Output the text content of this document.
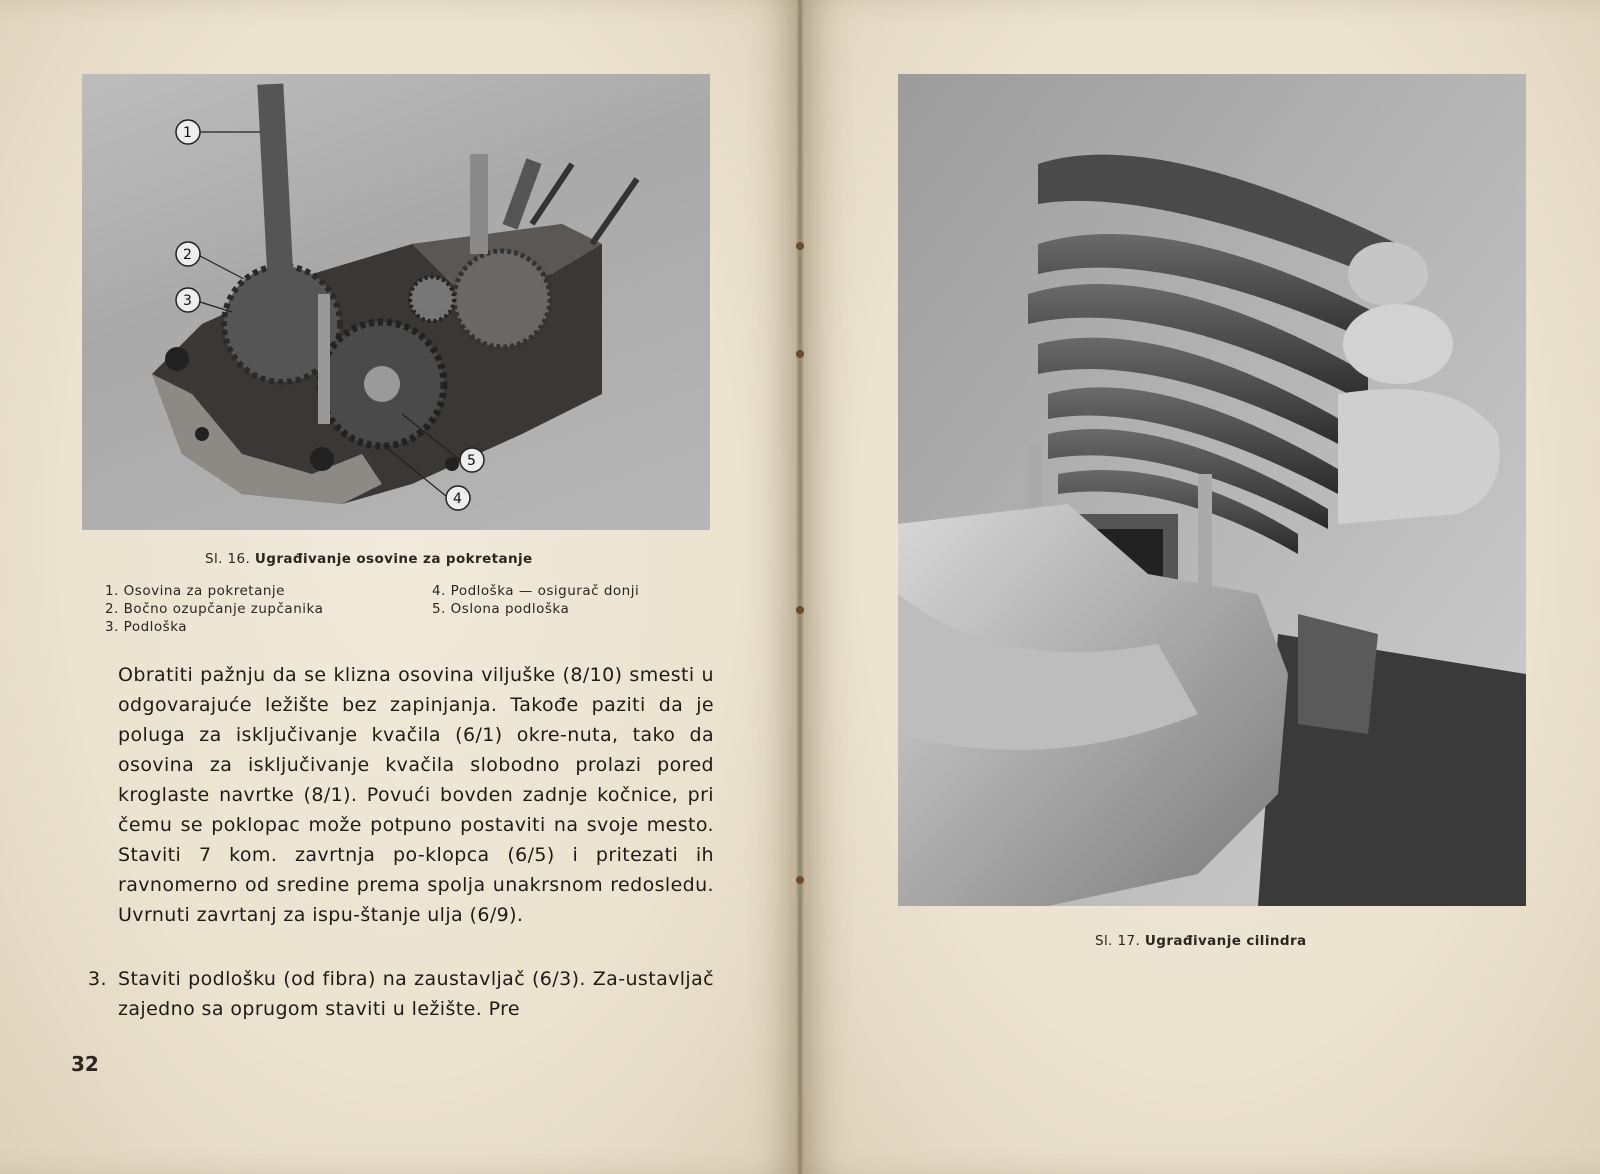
1
2
3
5
4
Sl. 16. Ugrađivanje osovine za pokretanje
1. Osovina za pokretanje
2. Bočno ozupčanje zupčanika
3. Podloška
4. Podloška — osigurač donji
5. Oslona podloška

Obratiti pažnju da se klizna osovina viljuške (8/10) smesti u odgovarajuće ležište bez zapinjanja. Takođe paziti da je poluga za isključivanje kvačila (6/1) okre-nuta, tako da osovina za isključivanje kvačila slobodno prolazi pored kroglaste navrtke (8/1). Povući bovden zadnje kočnice, pri čemu se poklopac može potpuno postaviti na svoje mesto. Staviti 7 kom. zavrtnja po-klopca (6/5) i pritezati ih ravnomerno od sredine prema spolja unakrsnom redosledu. Uvrnuti zavrtanj za ispu-štanje ulja (6/9).

3. Staviti podlošku (od fibra) na zaustavljač (6/3). Za-ustavljač zajedno sa oprugom staviti u ležište. Pre
32
Sl. 17. Ugrađivanje cilindra
